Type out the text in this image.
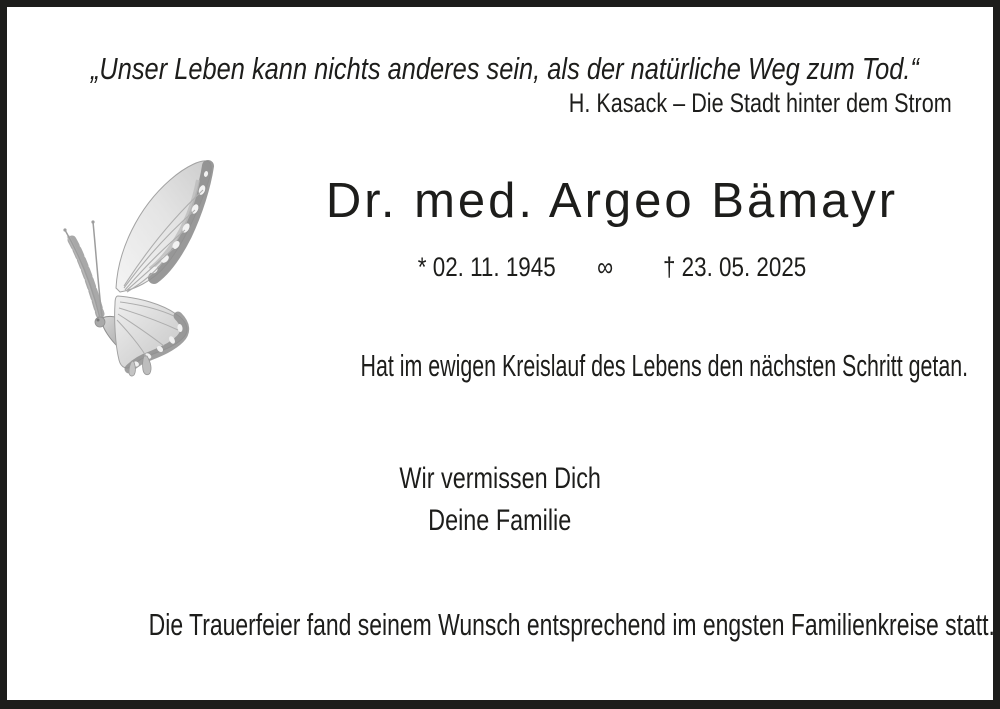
„Unser Leben kann nichts anderes sein, als der natürliche Weg zum Tod.“
H. Kasack – Die Stadt hinter dem Strom
Dr. med. Argeo Bämayr
* 02. 11. 1945 ∞ † 23. 05. 2025
Hat im ewigen Kreislauf des Lebens den nächsten Schritt getan.
Wir vermissen Dich
Deine Familie
Die Trauerfeier fand seinem Wunsch entsprechend im engsten Familienkreise statt.
